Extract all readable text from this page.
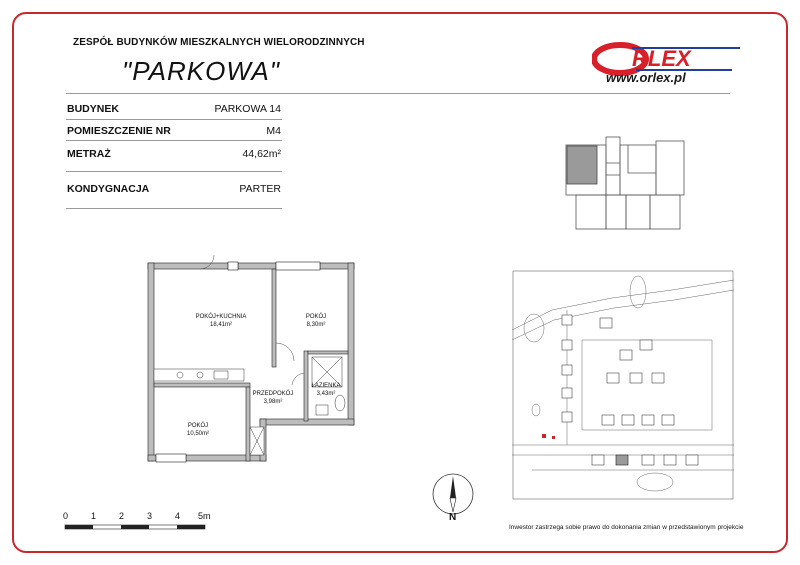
ZESPÓŁ BUDYNKÓW MIESZKALNYCH WIELORODZINNYCH
"PARKOWA"	RLEX
www.orlex.pl
BUDYNEK	PARKOWA 14
POMIESZCZENIE NR	M4
METRAŻ	44,62m²
KONDYGNACJA	PARTER
POKÓJ+KUCHNIA
18,41m²
POKÓJ
8,30m²
PRZEDPOKÓJ
3,98m²
ŁAZIENKA
3,43m²
POKÓJ
10,50m²
N
0	1	2	3	4 5m
Inwestor zastrzega sobie prawo do dokonania zmian w przedstawionym projekcie
